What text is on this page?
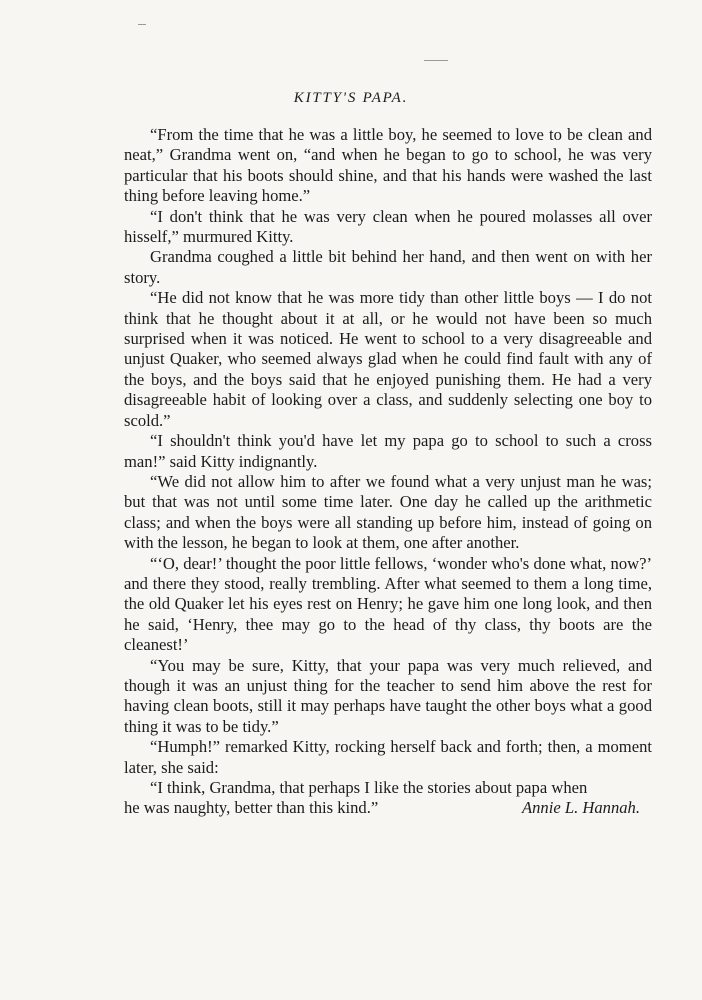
KITTY'S PAPA.

“From the time that he was a little boy, he seemed to love to be clean and neat,” Grandma went on, “and when he began to go to school, he was very particular that his boots should shine, and that his hands were washed the last thing before leaving home.”

“I don't think that he was very clean when he poured molasses all over hisself,” murmured Kitty.

Grandma coughed a little bit behind her hand, and then went on with her story.

“He did not know that he was more tidy than other little boys — I do not think that he thought about it at all, or he would not have been so much surprised when it was noticed. He went to school to a very disagreeable and unjust Quaker, who seemed always glad when he could find fault with any of the boys, and the boys said that he enjoyed punishing them. He had a very disagreeable habit of looking over a class, and suddenly selecting one boy to scold.”

“I shouldn't think you'd have let my papa go to school to such a cross man!” said Kitty indignantly.

“We did not allow him to after we found what a very unjust man he was; but that was not until some time later. One day he called up the arithmetic class; and when the boys were all standing up before him, instead of going on with the lesson, he began to look at them, one after another.

“‘O, dear!’ thought the poor little fellows, ‘wonder who's done what, now?’ and there they stood, really trembling. After what seemed to them a long time, the old Quaker let his eyes rest on Henry; he gave him one long look, and then he said, ‘Henry, thee may go to the head of thy class, thy boots are the cleanest!’

“You may be sure, Kitty, that your papa was very much relieved, and though it was an unjust thing for the teacher to send him above the rest for having clean boots, still it may perhaps have taught the other boys what a good thing it was to be tidy.”

“Humph!” remarked Kitty, rocking herself back and forth; then, a moment later, she said:

“I think, Grandma, that perhaps I like the stories about papa when

he was naughty, better than this kind.”	Annie L. Hannah.
